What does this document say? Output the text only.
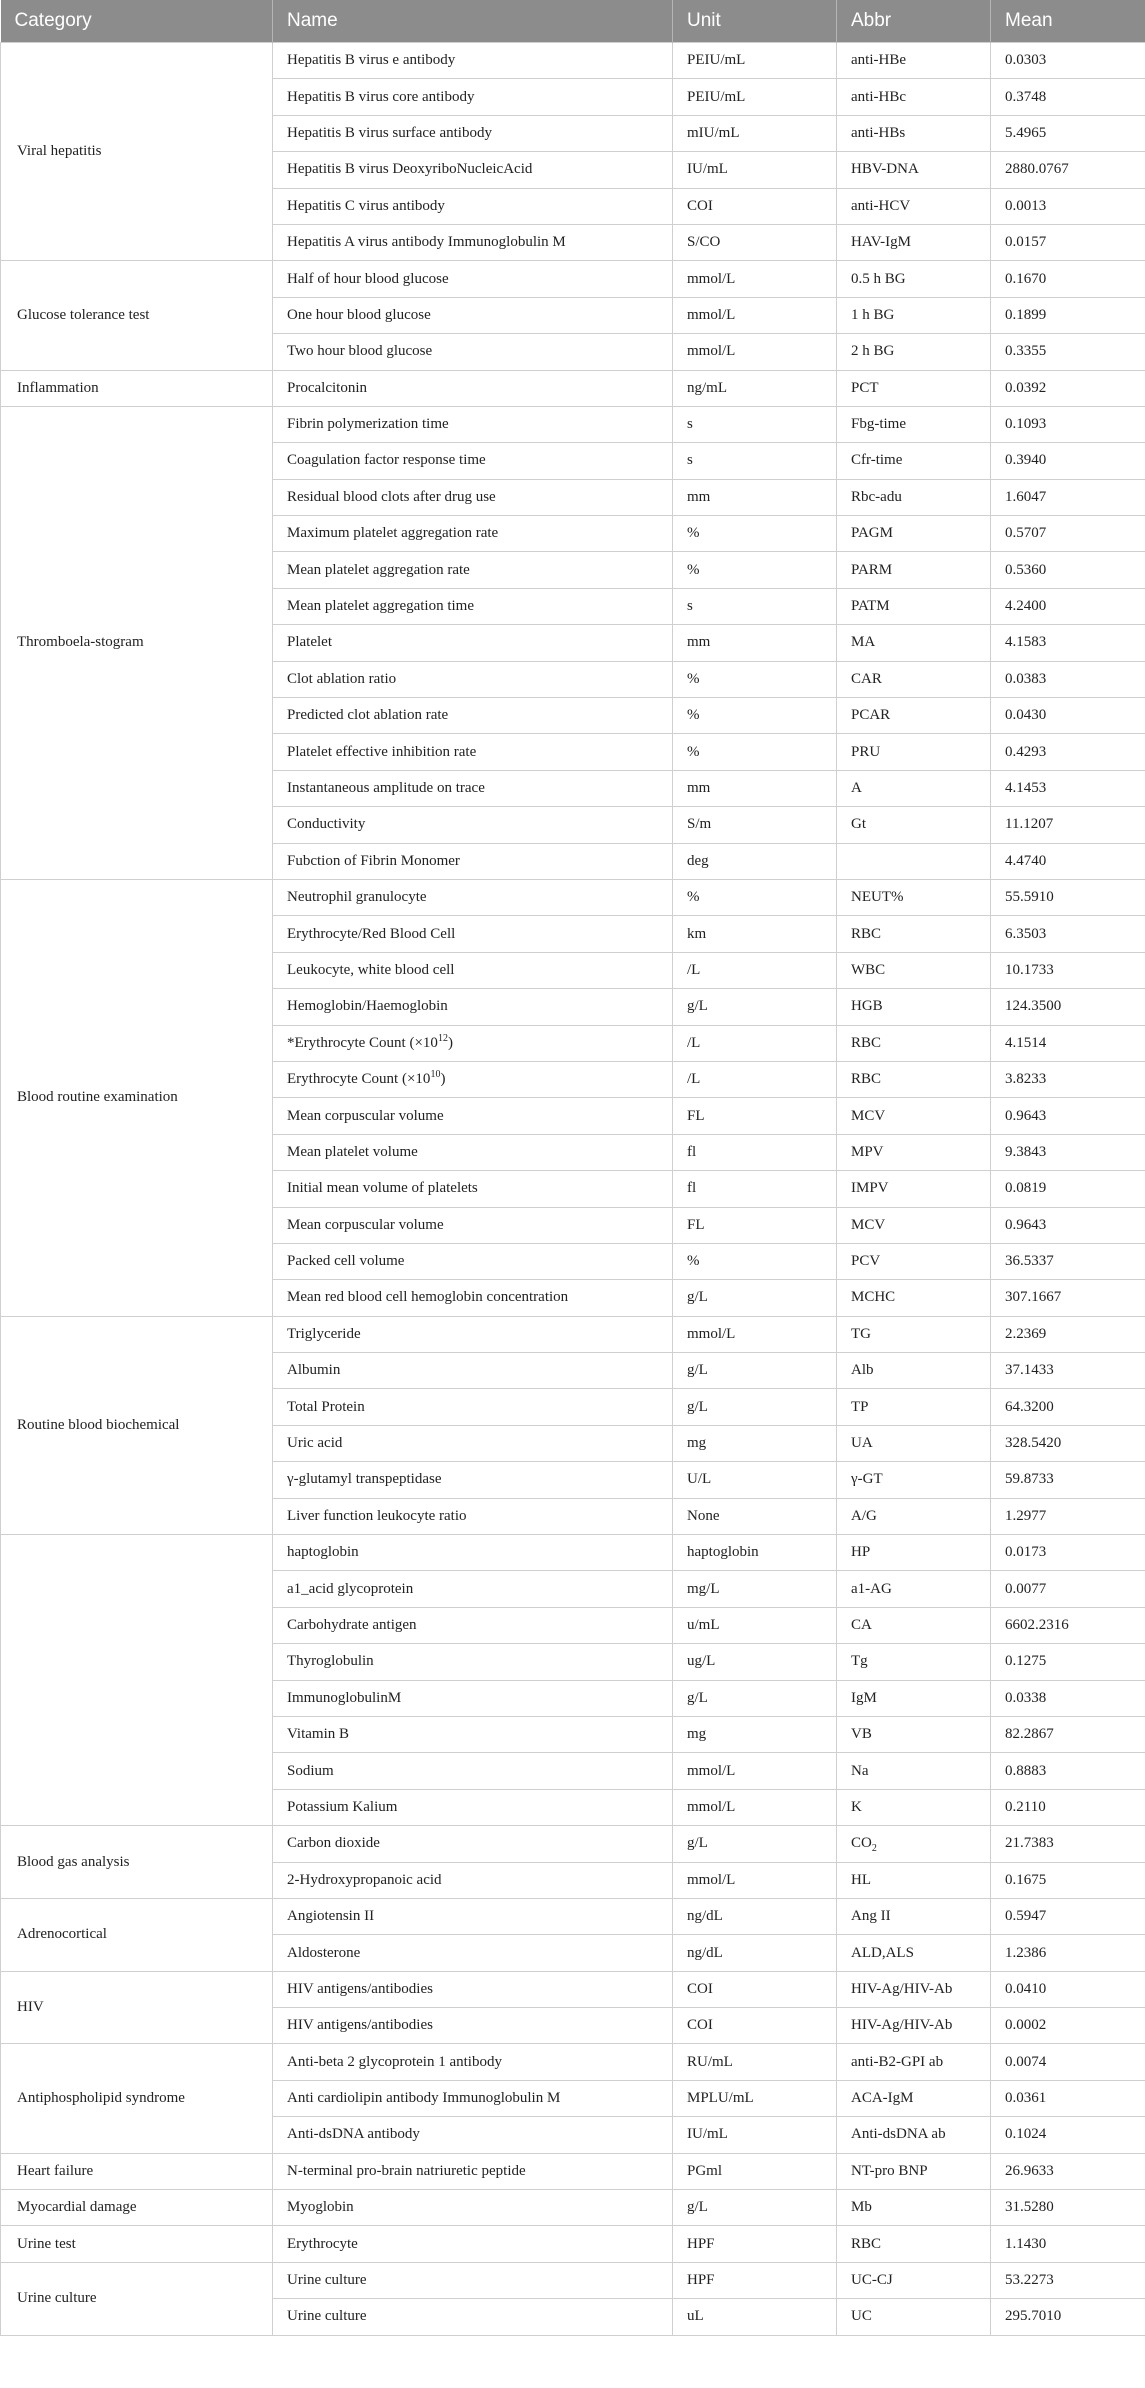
Category	Name	Unit	Abbr	Mean
Viral hepatitis	Hepatitis B virus e antibody	PEIU/mL	anti-HBe	0.0303
	Hepatitis B virus core antibody	PEIU/mL	anti-HBc	0.3748
	Hepatitis B virus surface antibody	mIU/mL	anti-HBs	5.4965
	Hepatitis B virus DeoxyriboNucleicAcid	IU/mL	HBV-DNA	2880.0767
	Hepatitis C virus antibody	COI	anti-HCV	0.0013
	Hepatitis A virus antibody Immunoglobulin M	S/CO	HAV-IgM	0.0157
Glucose tolerance test	Half of hour blood glucose	mmol/L	0.5 h BG	0.1670
	One hour blood glucose	mmol/L	1 h BG	0.1899
	Two hour blood glucose	mmol/L	2 h BG	0.3355
Inflammation	Procalcitonin	ng/mL	PCT	0.0392
Thromboela-stogram	Fibrin polymerization time	s	Fbg-time	0.1093
	Coagulation factor response time	s	Cfr-time	0.3940
	Residual blood clots after drug use	mm	Rbc-adu	1.6047
	Maximum platelet aggregation rate	%	PAGM	0.5707
	Mean platelet aggregation rate	%	PARM	0.5360
	Mean platelet aggregation time	s	PATM	4.2400
	Platelet	mm	MA	4.1583
	Clot ablation ratio	%	CAR	0.0383
	Predicted clot ablation rate	%	PCAR	0.0430
	Platelet effective inhibition rate	%	PRU	0.4293
	Instantaneous amplitude on trace	mm	A	4.1453
	Conductivity	S/m	Gt	11.1207
	Fubction of Fibrin Monomer	deg		4.4740
Blood routine examination	Neutrophil granulocyte	%	NEUT%	55.5910
	Erythrocyte/Red Blood Cell	km	RBC	6.3503
	Leukocyte, white blood cell	/L	WBC	10.1733
	Hemoglobin/Haemoglobin	g/L	HGB	124.3500
	*Erythrocyte Count $(\times 10^{12})$	/L	RBC	4.1514
	Erythrocyte Count $(\times 10^{10})$	/L	RBC	3.8233
	Mean corpuscular volume	FL	MCV	0.9643
	Mean platelet volume	fl	MPV	9.3843
	Initial mean volume of platelets	fl	IMPV	0.0819
	Mean corpuscular volume	FL	MCV	0.9643
	Packed cell volume	%	PCV	36.5337
	Mean red blood cell hemoglobin concentration	g/L	MCHC	307.1667
Routine blood biochemical	Triglyceride	mmol/L	TG	2.2369
	Albumin	g/L	Alb	37.1433
	Total Protein	g/L	TP	64.3200
	Uric acid	mg	UA	328.5420
	γ-glutamyl transpeptidase	U/L	γ-GT	59.8733
	Liver function leukocyte ratio	None	A/G	1.2977
	haptoglobin	haptoglobin	HP	0.0173
	a1_acid glycoprotein	mg/L	a1-AG	0.0077
	Carbohydrate antigen	u/mL	CA	6602.2316
	Thyroglobulin	ug/L	Tg	0.1275
	ImmunoglobulinM	g/L	IgM	0.0338
	Vitamin B	mg	VB	82.2867
	Sodium	mmol/L	Na	0.8883
	Potassium Kalium	mmol/L	K	0.2110
Blood gas analysis	Carbon dioxide	g/L	$CO_2$	21.7383
	2-Hydroxypropanoic acid	mmol/L	HL	0.1675
Adrenocortical	Angiotensin II	ng/dL	Ang II	0.5947
	Aldosterone	ng/dL	ALD,ALS	1.2386
HIV	HIV antigens/antibodies	COI	HIV-Ag/HIV-Ab	0.0410
	HIV antigens/antibodies	COI	HIV-Ag/HIV-Ab	0.0002
Antiphospholipid syndrome	Anti-beta 2 glycoprotein 1 antibody	RU/mL	anti-B2-GPI ab	0.0074
	Anti cardiolipin antibody Immunoglobulin M	MPLU/mL	ACA-IgM	0.0361
	Anti-dsDNA antibody	IU/mL	Anti-dsDNA ab	0.1024
Heart failure	N-terminal pro-brain natriuretic peptide	PGml	NT-pro BNP	26.9633
Myocardial damage	Myoglobin	g/L	Mb	31.5280
Urine test	Erythrocyte	HPF	RBC	1.1430
Urine culture	Urine culture	HPF	UC-CJ	53.2273
	Urine culture	uL	UC	295.7010
